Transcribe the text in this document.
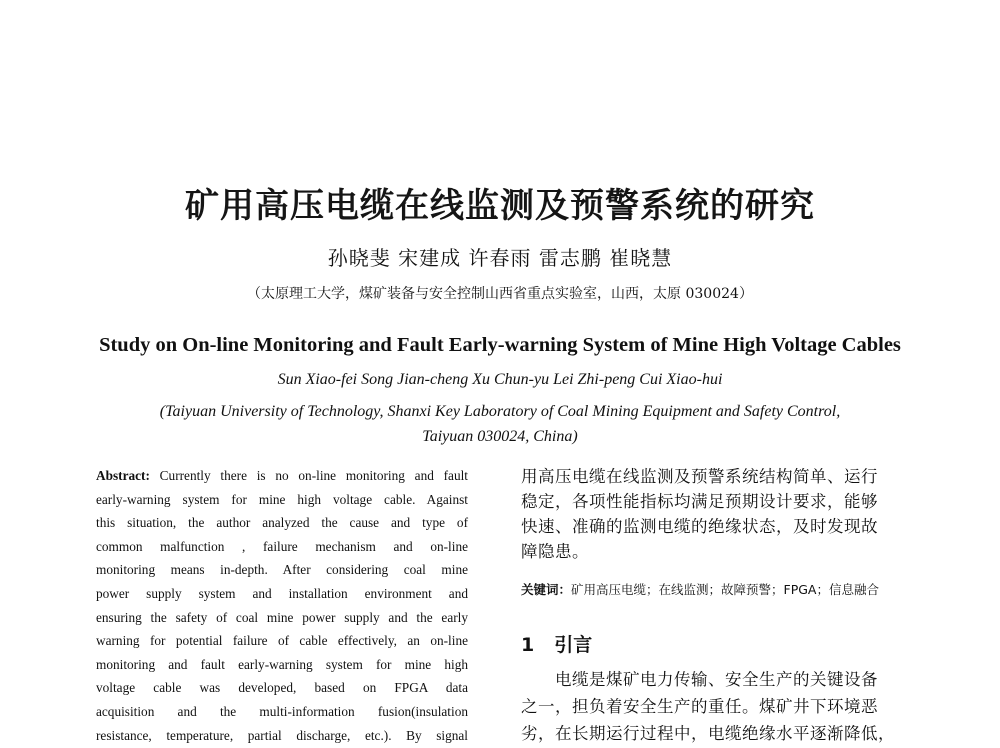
矿用高压电缆在线监测及预警系统的研究
孙晓斐 宋建成 许春雨 雷志鹏 崔晓慧
（太原理工大学，煤矿装备与安全控制山西省重点实验室，山西，太原 030024）
Study on On-line Monitoring and Fault Early-warning System of Mine High Voltage Cables
Sun Xiao-fei Song Jian-cheng Xu Chun-yu Lei Zhi-peng Cui Xiao-hui
(Taiyuan University of Technology, Shanxi Key Laboratory of Coal Mining Equipment and Safety Control,
Taiyuan 030024, China)
Abstract: Currently there is no on-line monitoring and fault
early-warning system for mine high voltage cable. Against
this situation, the author analyzed the cause and type of
common malfunction , failure mechanism and on-line
monitoring means in-depth. After considering coal mine
power supply system and installation environment and
ensuring the safety of coal mine power supply and the early
warning for potential failure of cable effectively, an on-line
monitoring and fault early-warning system for mine high
voltage cable was developed, based on FPGA data
acquisition and the multi-information fusion(insulation
resistance, temperature, partial discharge, etc.). By signal
用高压电缆在线监测及预警系统结构简单、运行
稳定，各项性能指标均满足预期设计要求，能够
快速、准确的监测电缆的绝缘状态，及时发现故
障隐患。
关键词：矿用高压电缆；在线监测；故障预警；FPGA；信息融合
1 引言
电缆是煤矿电力传输、安全生产的关键设备
之一，担负着安全生产的重任。煤矿井下环境恶
劣，在长期运行过程中，电缆绝缘水平逐渐降低，
